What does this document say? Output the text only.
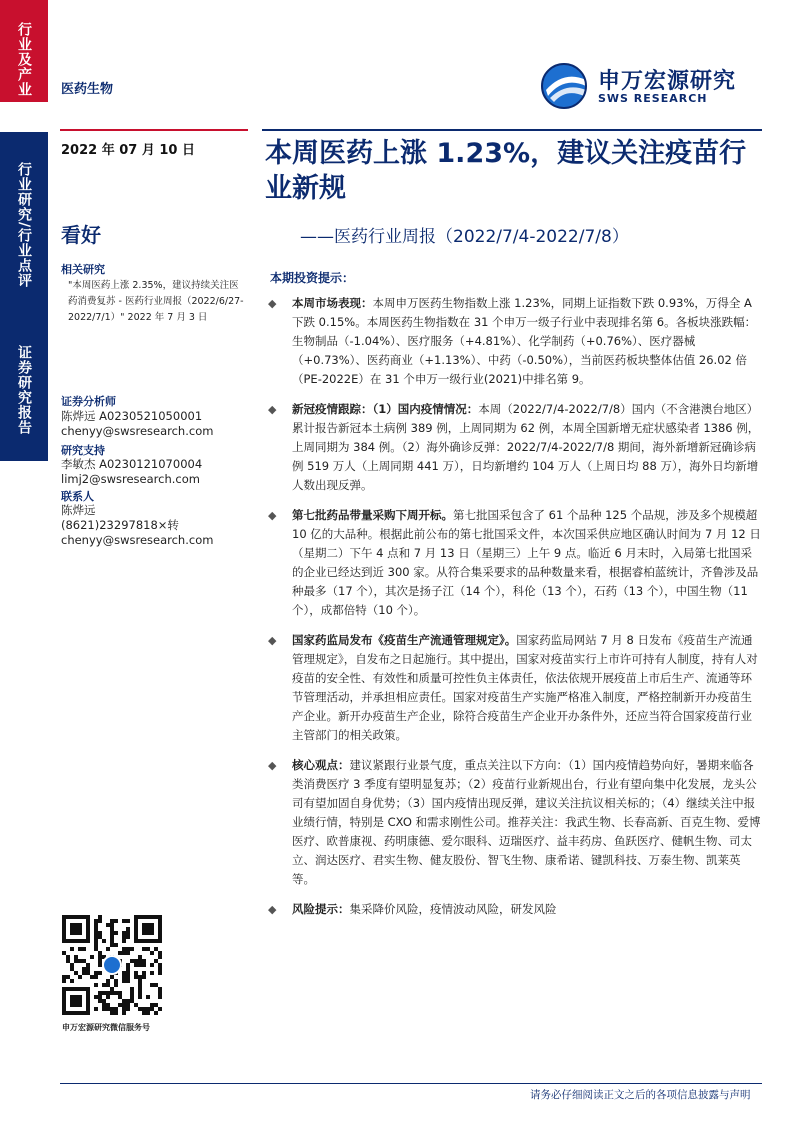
行业及产业
行业研究/行业点评
证券研究报告
医药生物	申万宏源研究
SWS RESEARCH
2022 年 07 月 10 日
看好
相关研究
"本周医药上涨 2.35%，建议持续关注医药消费复苏 - 医药行业周报（2022/6/27-2022/7/1）" 2022 年 7 月 3 日
证券分析师
陈烨远 A0230521050001
chenyy@swsresearch.com
研究支持
李敏杰 A0230121070004
limj2@swsresearch.com
联系人
陈烨远
(8621)23297818×转
chenyy@swsresearch.com
申万宏源研究微信服务号
本周医药上涨 1.23%，建议关注疫苗行业新规
——医药行业周报（2022/7/4-2022/7/8）
本期投资提示：
◆ 本周市场表现：本周申万医药生物指数上涨 1.23%，同期上证指数下跌 0.93%，万得全 A 下跌 0.15%。本周医药生物指数在 31 个申万一级子行业中表现排名第 6。各板块涨跌幅：生物制品（-1.04%）、医疗服务（+4.81%）、化学制药（+0.76%）、医疗器械（+0.73%）、医药商业（+1.13%）、中药（-0.50%），当前医药板块整体估值 26.02 倍（PE-2022E）在 31 个申万一级行业(2021)中排名第 9。
◆ 新冠疫情跟踪：（1）国内疫情情况：本周（2022/7/4-2022/7/8）国内（不含港澳台地区）累计报告新冠本土病例 389 例，上周同期为 62 例，本周全国新增无症状感染者 1386 例，上周同期为 384 例。（2）海外确诊反弹：2022/7/4-2022/7/8 期间，海外新增新冠确诊病例 519 万人（上周同期 441 万），日均新增约 104 万人（上周日均 88 万），海外日均新增人数出现反弹。
◆ 第七批药品带量采购下周开标。第七批国采包含了 61 个品种 125 个品规，涉及多个规模超 10 亿的大品种。根据此前公布的第七批国采文件，本次国采供应地区确认时间为 7 月 12 日（星期二）下午 4 点和 7 月 13 日（星期三）上午 9 点。临近 6 月末时，入局第七批国采的企业已经达到近 300 家。从符合集采要求的品种数量来看，根据睿柏蓝统计，齐鲁涉及品种最多（17 个），其次是扬子江（14 个），科伦（13 个），石药（13 个），中国生物（11 个），成都倍特（10 个）。
◆ 国家药监局发布《疫苗生产流通管理规定》。国家药监局网站 7 月 8 日发布《疫苗生产流通管理规定》，自发布之日起施行。其中提出，国家对疫苗实行上市许可持有人制度，持有人对疫苗的安全性、有效性和质量可控性负主体责任，依法依规开展疫苗上市后生产、流通等环节管理活动，并承担相应责任。国家对疫苗生产实施严格准入制度，严格控制新开办疫苗生产企业。新开办疫苗生产企业，除符合疫苗生产企业开办条件外，还应当符合国家疫苗行业主管部门的相关政策。
◆ 核心观点：建议紧跟行业景气度，重点关注以下方向：（1）国内疫情趋势向好，暑期来临各类消费医疗 3 季度有望明显复苏；（2）疫苗行业新规出台，行业有望向集中化发展，龙头公司有望加固自身优势；（3）国内疫情出现反弹，建议关注抗议相关标的；（4）继续关注中报业绩行情，特别是 CXO 和需求刚性公司。推荐关注：我武生物、长春高新、百克生物、爱博医疗、欧普康视、药明康德、爱尔眼科、迈瑞医疗、益丰药房、鱼跃医疗、健帆生物、司太立、润达医疗、君实生物、健友股份、智飞生物、康希诺、键凯科技、万泰生物、凯莱英等。
◆ 风险提示：集采降价风险，疫情波动风险，研发风险
请务必仔细阅读正文之后的各项信息披露与声明
